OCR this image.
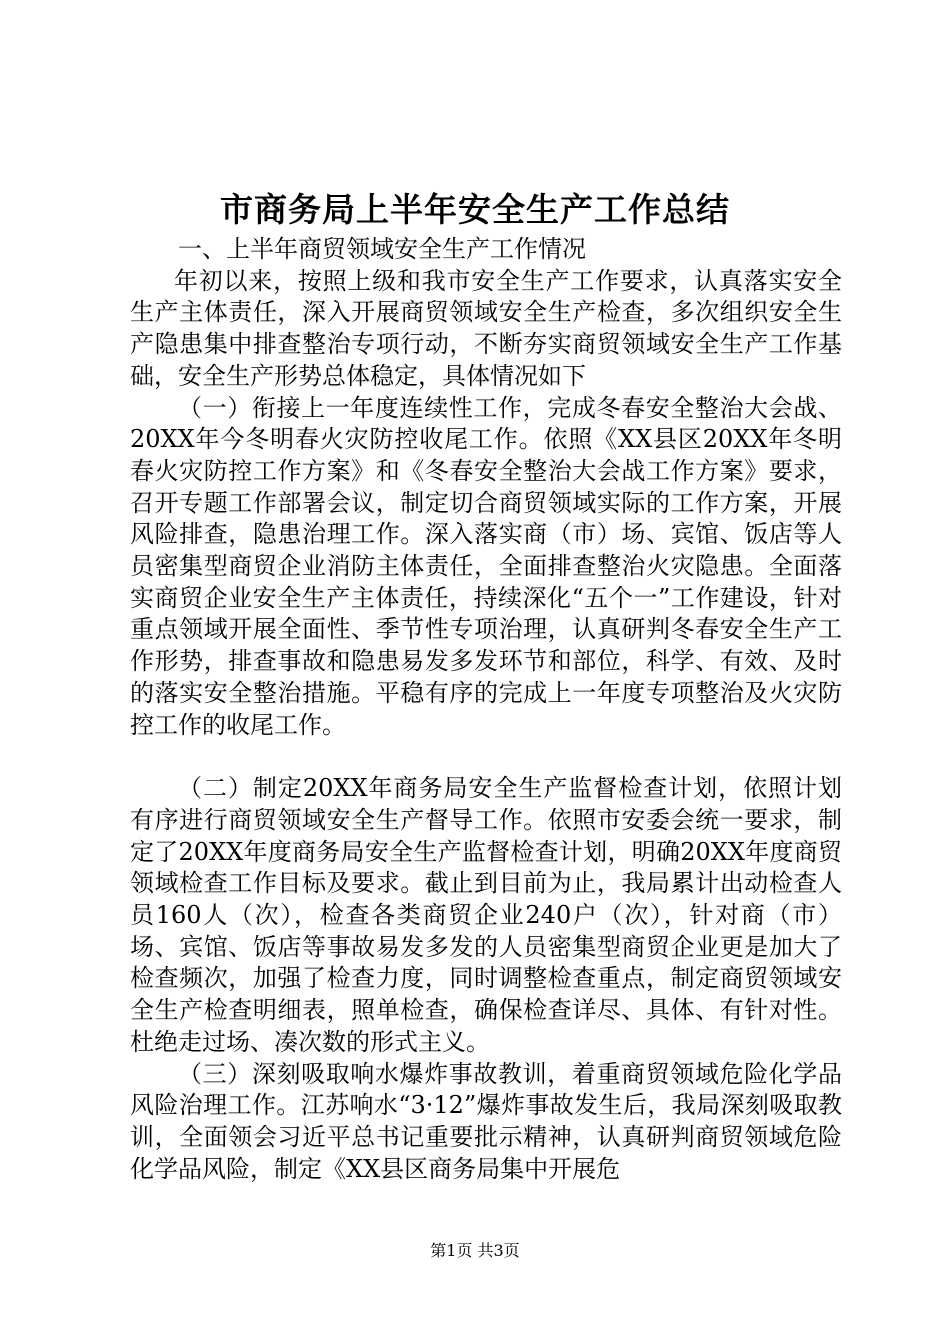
市商务局上半年安全生产工作总结

一、上半年商贸领域安全生产工作情况

年初以来，按照上级和我市安全生产工作要求，认真落实安全生产主体责任，深入开展商贸领域安全生产检查，多次组织安全生产隐患集中排查整治专项行动，不断夯实商贸领域安全生产工作基础，安全生产形势总体稳定，具体情况如下

（一）衔接上一年度连续性工作，完成冬春安全整治大会战、20XX年今冬明春火灾防控收尾工作。依照《XX县区20XX年冬明春火灾防控工作方案》和《冬春安全整治大会战工作方案》要求，召开专题工作部署会议，制定切合商贸领域实际的工作方案，开展风险排查，隐患治理工作。深入落实商（市）场、宾馆、饭店等人员密集型商贸企业消防主体责任，全面排查整治火灾隐患。全面落实商贸企业安全生产主体责任，持续深化“五个一”工作建设，针对重点领域开展全面性、季节性专项治理，认真研判冬春安全生产工作形势，排查事故和隐患易发多发环节和部位，科学、有效、及时的落实安全整治措施。平稳有序的完成上一年度专项整治及火灾防控工作的收尾工作。

（二）制定20XX年商务局安全生产监督检查计划，依照计划有序进行商贸领域安全生产督导工作。依照市安委会统一要求，制定了20XX年度商务局安全生产监督检查计划，明确20XX年度商贸领域检查工作目标及要求。截止到目前为止，我局累计出动检查人员160人（次），检查各类商贸企业240户（次），针对商（市）场、宾馆、饭店等事故易发多发的人员密集型商贸企业更是加大了检查频次，加强了检查力度，同时调整检查重点，制定商贸领域安全生产检查明细表，照单检查，确保检查详尽、具体、有针对性。杜绝走过场、凑次数的形式主义。

（三）深刻吸取响水爆炸事故教训，着重商贸领域危险化学品风险治理工作。江苏响水“3·12”爆炸事故发生后，我局深刻吸取教训，全面领会习近平总书记重要批示精神，认真研判商贸领域危险化学品风险，制定《XX县区商务局集中开展危

第1页 共3页
